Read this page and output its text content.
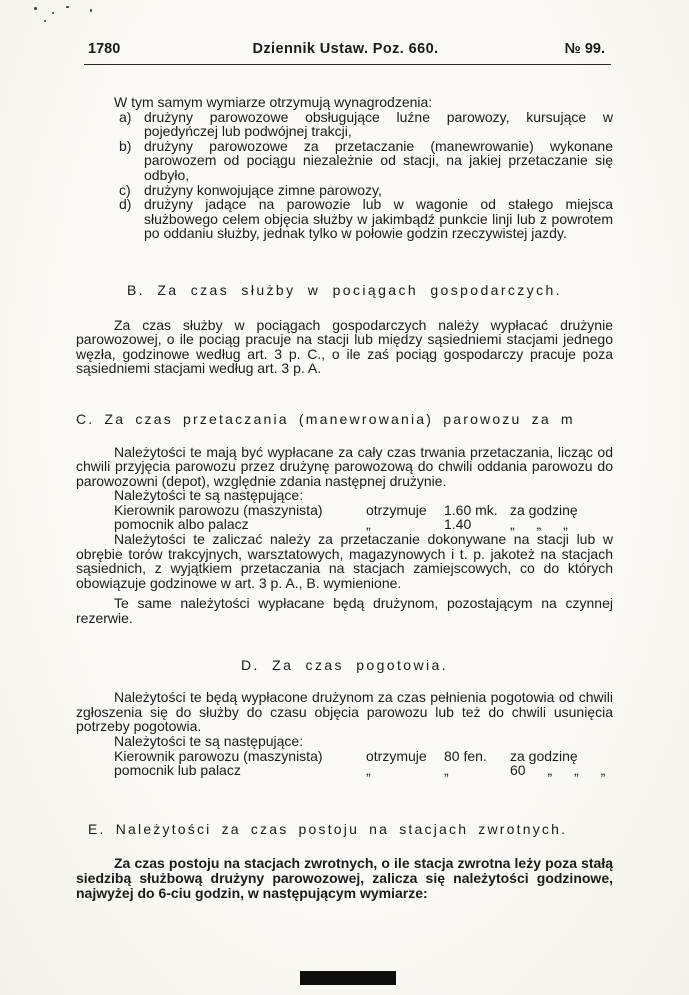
1780	Dziennik Ustaw. Poz. 660.	№ 99.
W tym samym wymiarze otrzymują wynagrodzenia:
a) drużyny parowozowe obsługujące luźne parowozy, kursujące w pojedyńczej lub podwójnej trakcji,
b) drużyny parowozowe za przetaczanie (manewrowanie) wykonane parowozem od pociągu niezależnie od stacji, na jakiej przetaczanie się odbyło,
c) drużyny konwojujące zimne parowozy,
d) drużyny jadące na parowozie lub w wagonie od stałego miejsca służbowego celem objęcia służby w jakimbądź punkcie linji lub z powrotem po oddaniu służby, jednak tylko w połowie godzin rzeczywistej jazdy.
B. Za czas służby w pociągach gospodarczych.
Za czas służby w pociągach gospodarczych należy wypłacać drużynie parowozowej, o ile pociąg pracuje na stacji lub między sąsiedniemi stacjami jednego węzła, godzinowe według art. 3 p. C., o ile zaś pociąg gospodarczy pracuje poza sąsiedniemi stacjami według art. 3 p. A.
C. Za czas przetaczania (manewrowania) parowozu za m
Należytości te mają być wypłacane za cały czas trwania przetaczania, licząc od chwili przyjęcia parowozu przez drużynę parowozową do chwili oddania parowozu do parowozowni (depot), względnie zdania następnej drużynie.
Należytości te są następujące:
Kierownik parowozu (maszynista)	otrzymuje	1.60 mk. za godzinę
pomocnik albo palacz	„	1.40	„ „ „
Należytości te zaliczać należy za przetaczanie dokonywane na stacji lub w obrębie torów trakcyjnych, warsztatowych, magazynowych i t. p. jakoteż na stacjach sąsiednich, z wyjątkiem przetaczania na stacjach zamiejscowych, co do których obowiązuje godzinowe w art. 3 p. A., B. wymienione.
Te same należytości wypłacane będą drużynom, pozostającym na czynnej rezerwie.
D. Za czas pogotowia.
Należytości te będą wypłacone drużynom za czas pełnienia pogotowia od chwili zgłoszenia się do służby do czasu objęcia parowozu lub też do chwili usunięcia potrzeby pogotowia.
Należytości te są następujące:
Kierownik parowozu (maszynista)	otrzymuje	80 fen.	za godzinę
pomocnik lub palacz	„	„	60 „ „ „
E. Należytości za czas postoju na stacjach zwrotnych.
Za czas postoju na stacjach zwrotnych, o ile stacja zwrotna leży poza stałą siedzibą służbową drużyny parowozowej, zalicza się należytości godzinowe, najwyżej do 6-ciu godzin, w następującym wymiarze:
